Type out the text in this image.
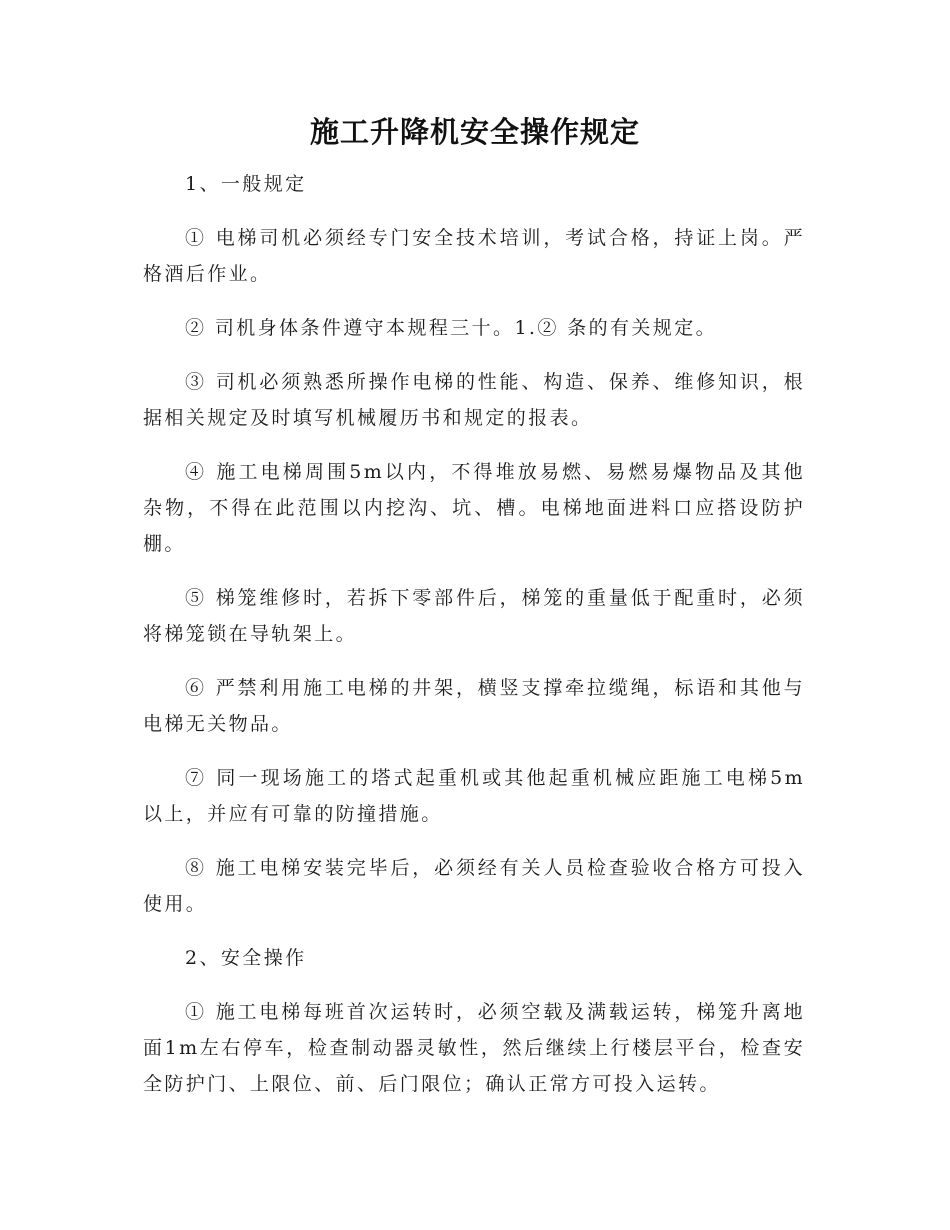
施工升降机安全操作规定

1、一般规定

① 电梯司机必须经专门安全技术培训，考试合格，持证上岗。严格酒后作业。

② 司机身体条件遵守本规程三十。1.② 条的有关规定。

③ 司机必须熟悉所操作电梯的性能、构造、保养、维修知识，根据相关规定及时填写机械履历书和规定的报表。

④ 施工电梯周围5m以内，不得堆放易燃、易燃易爆物品及其他杂物，不得在此范围以内挖沟、坑、槽。电梯地面进料口应搭设防护棚。

⑤ 梯笼维修时，若拆下零部件后，梯笼的重量低于配重时，必须将梯笼锁在导轨架上。

⑥ 严禁利用施工电梯的井架，横竖支撑牵拉缆绳，标语和其他与电梯无关物品。

⑦ 同一现场施工的塔式起重机或其他起重机械应距施工电梯5m以上，并应有可靠的防撞措施。

⑧ 施工电梯安装完毕后，必须经有关人员检查验收合格方可投入使用。

2、安全操作

① 施工电梯每班首次运转时，必须空载及满载运转，梯笼升离地面1m左右停车，检查制动器灵敏性，然后继续上行楼层平台，检查安全防护门、上限位、前、后门限位；确认正常方可投入运转。
